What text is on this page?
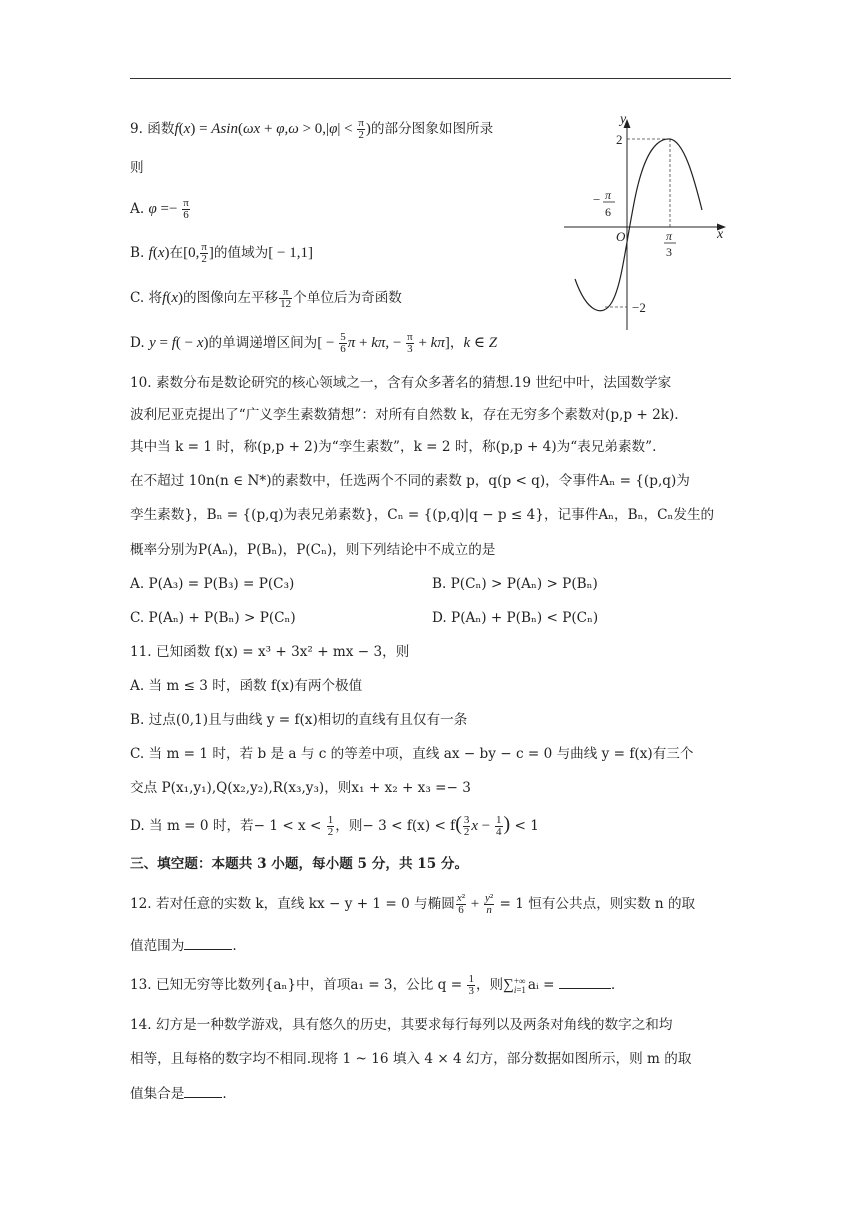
9. 函数$f(x) = Asin(\omega x + \varphi,\omega > 0,|\varphi| < \frac{\pi}{2}$ )的部分图象如图所录
则
A. $\varphi =- \frac{\pi}{6}$
B. f(x)在[0, $\frac{\pi}{2}$ ]的值域为[ − 1,1]
C. 将f(x)的图像向左平移 $\frac{\pi}{12}$ 个单位后为奇函数
D. y = f( − x)的单调递增区间为[ − $\frac{5}{6}$ π + kπ, − $\frac{\pi}{3} + k\pi$]，k ∈ Z
y
x
O
2
−2
− π
6
π
3
10. 素数分布是数论研究的核心领域之一，含有众多著名的猜想.19 世纪中叶，法国数学家
波利尼亚克提出了“广义孪生素数猜想”：对所有自然数 k，存在无穷多个素数对(p,p + 2k).
其中当 k = 1 时，称(p,p + 2)为“孪生素数”，k = 2 时，称(p,p + 4)为“表兄弟素数”.
在不超过 10n(n ∈ N*)的素数中，任选两个不同的素数 p，q(p < q)，令事件Aₙ = {(p,q)为
孪生素数}，Bₙ = {(p,q)为表兄弟素数}，Cₙ = {(p,q)|q − p ≤ 4}，记事件Aₙ，Bₙ，Cₙ发生的
概率分别为P(Aₙ)，P(Bₙ)，P(Cₙ)，则下列结论中不成立的是
A. P(A₃) = P(B₃) = P(C₃)	B. P(Cₙ) > P(Aₙ) > P(Bₙ)
C. P(Aₙ) + P(Bₙ) > P(Cₙ)	D. P(Aₙ) + P(Bₙ) < P(Cₙ)
11. 已知函数 f(x) = x³ + 3x² + mx − 3，则
A. 当 m ≤ 3 时，函数 f(x)有两个极值
B. 过点(0,1)且与曲线 y = f(x)相切的直线有且仅有一条
C. 当 m = 1 时，若 b 是 a 与 c 的等差中项，直线 ax − by − c = 0 与曲线 y = f(x)有三个
交点 P(x₁,y₁),Q(x₂,y₂),R(x₃,y₃)，则x₁ + x₂ + x₃ =− 3
D. 当 m = 0 时，若− $1 < x < \frac{1}{2}$ ，则− $3 < f(x) < f( \frac{3}{2}$ $x - \frac{1}{4}$ ) < 1
三、填空题：本题共 3 小题，每小题 5 分，共 15 分。
12. 若对任意的实数 k，直线 kx − y + 1 = 0 与椭圆 $\frac{\text{x²}}{6} + \frac{\text{y²}}{n} = 1$ 恒有公共点，则实数 n 的取
值范围为	.
13. 已知无穷等比数列{aₙ}中，首项a₁ = 3，公比 $q = \frac{1}{3}$ ，则∑ +∞
i=1 aᵢ =	.
14. 幻方是一种数学游戏，具有悠久的历史，其要求每行每列以及两条对角线的数字之和均
相等，且每格的数字均不相同.现将 1 ~ 16 填入 4 × 4 幻方，部分数据如图所示，则 m 的取
值集合是	.
